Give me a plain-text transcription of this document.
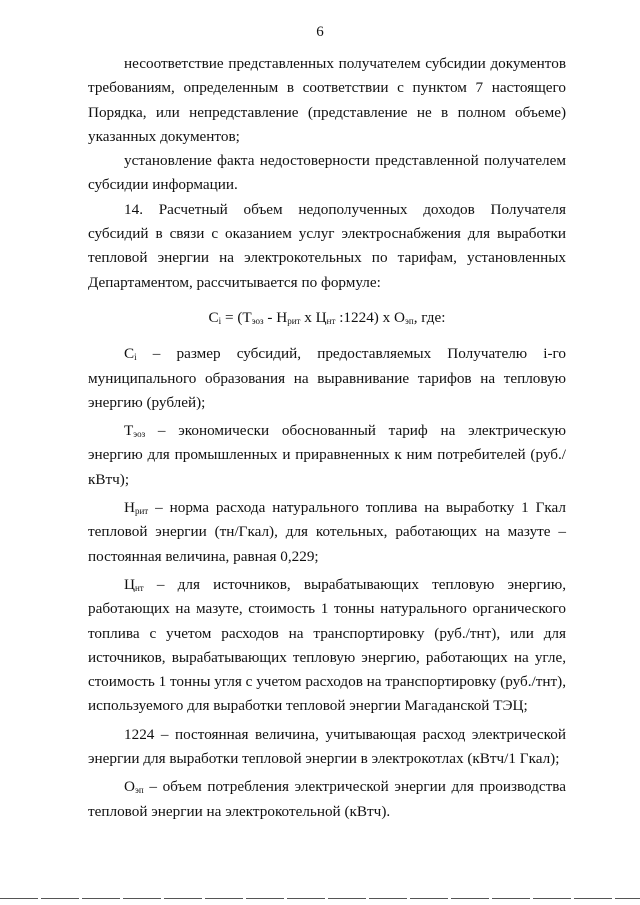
6

несоответствие представленных получателем субсидии документов требованиям, определенным в соответствии с пунктом 7 настоящего Порядка, или непредставление (представление не в полном объеме) указанных документов;

установление факта недостоверности представленной получателем субсидии информации.

14. Расчетный объем недополученных доходов Получателя субсидий в связи с оказанием услуг электроснабжения для выработки тепловой энергии на электрокотельных по тарифам, установленных Департаментом, рассчитывается по формуле:

$C_i = (Т_{эоз} - Н_{рит}$ х $Ц_{нт}$ :1224) х $О_{эп}$, где:

$C_i$ – размер субсидий, предоставляемых Получателю i-го муниципального образования на выравнивание тарифов на тепловую энергию (рублей);

$Т_{эоз}$ – экономически обоснованный тариф на электрическую энергию для промышленных и приравненных к ним потребителей (руб./кВтч);

$Н_{рит}$ – норма расхода натурального топлива на выработку 1 Гкал тепловой энергии (тн/Гкал), для котельных, работающих на мазуте – постоянная величина, равная 0,229;

$Ц_{нт}$ – для источников, вырабатывающих тепловую энергию, работающих на мазуте, стоимость 1 тонны натурального органического топлива с учетом расходов на транспортировку (руб./тнт), или для источников, вырабатывающих тепловую энергию, работающих на угле, стоимость 1 тонны угля с учетом расходов на транспортировку (руб./тнт), используемого для выработки тепловой энергии Магаданской ТЭЦ;

1224 – постоянная величина, учитывающая расход электрической энергии для выработки тепловой энергии в электрокотлах (кВтч/1 Гкал);

$О_{эп}$ – объем потребления электрической энергии для производства тепловой энергии на электрокотельной (кВтч).
